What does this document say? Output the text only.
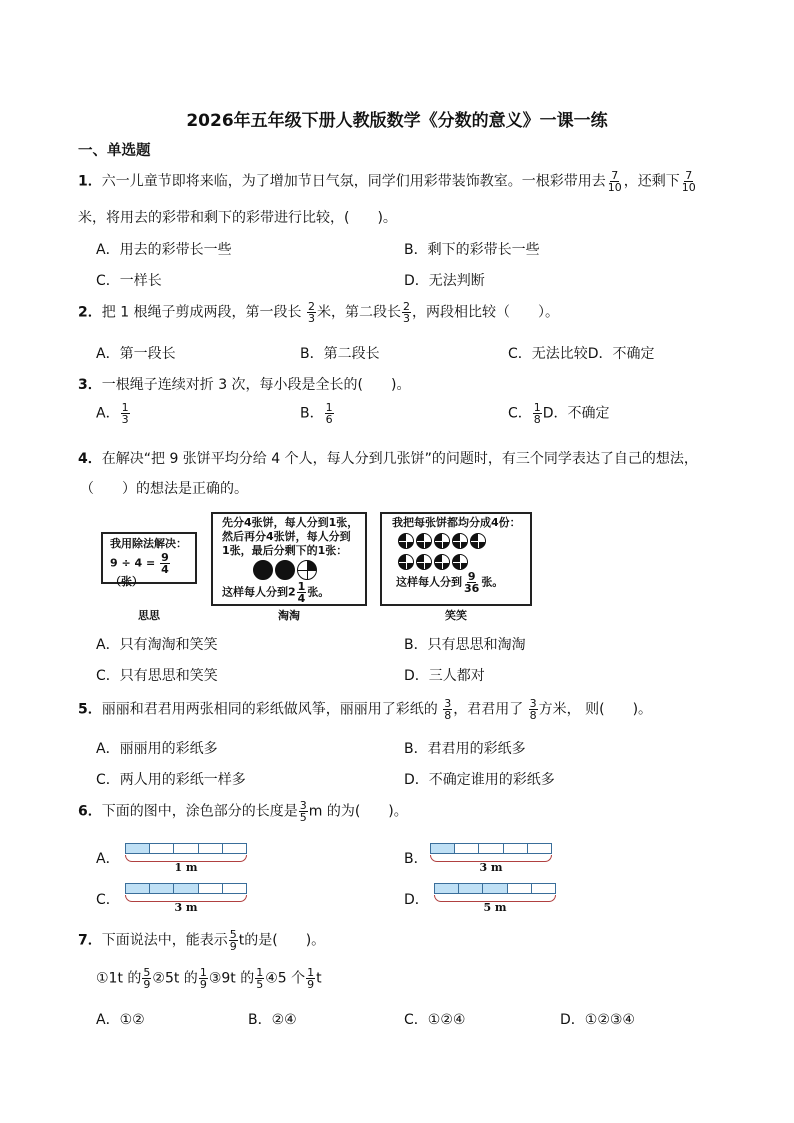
2026年五年级下册人教版数学《分数的意义》一课一练
一、单选题
1．六一儿童节即将来临，为了增加节日气氛，同学们用彩带装饰教室。一根彩带用去 $\frac{7}{10}$ ，还剩下 $\frac{7}{10}$
米，将用去的彩带和剩下的彩带进行比较，(　　)。
A．用去的彩带长一些	B．剩下的彩带长一些
C．一样长	D．无法判断
2．把 1 根绳子剪成两段，第一段长 $\frac{2}{3}$ 米，第二段长 $\frac{2}{3}$ ，两段相比较（　　）。
A．第一段长	B．第二段长	C．无法比较D．不确定
3．一根绳子连续对折 3 次，每小段是全长的(　　)。
A． $\frac{1}{3}$	B． $\frac{1}{6}$	C． $\frac{1}{8}$ D．不确定
4．在解决“把 9 张饼平均分给 4 个人，每人分到几张饼”的问题时，有三个同学表达了自己的想法，
（　　）的想法是正确的。
我用除法解决：
$9 \div 4 = \frac{9}{4}$
（张）
思思
先分4张饼，每人分到1张，
然后再分4张饼，每人分到
1张，最后分剩下的1张：
这样每人分到$2 \frac{1}{4}$ 张。
淘淘
我把每张饼都均分成4份：
这样每人分到 $\frac{9}{36}$ 张。
笑笑
A．只有淘淘和笑笑	B．只有思思和淘淘
C．只有思思和笑笑	D．三人都对
5．丽丽和君君用两张相同的彩纸做风筝，丽丽用了彩纸的 $\frac{3}{8}$ ，君君用了 $\frac{3}{8}$ 方米， 则(　　)。
A．丽丽用的彩纸多	B．君君用的彩纸多
C．两人用的彩纸一样多	D．不确定谁用的彩纸多
6．下面的图中，涂色部分的长度是 $\frac{3}{5}$ m 的为(　　)。
A．
1 m
B．
3 m
C．	3 m	D．	5 m
7．下面说法中，能表示 $\frac{5}{9}$ t的是(　　)。
①1t 的 $\frac{5}{9}$ ②5t 的 $\frac{1}{9}$ ③9t 的 $\frac{1}{5}$ ④5 个 $\frac{1}{9}$ t
A．①②	B．②④	C．①②④	D．①②③④
